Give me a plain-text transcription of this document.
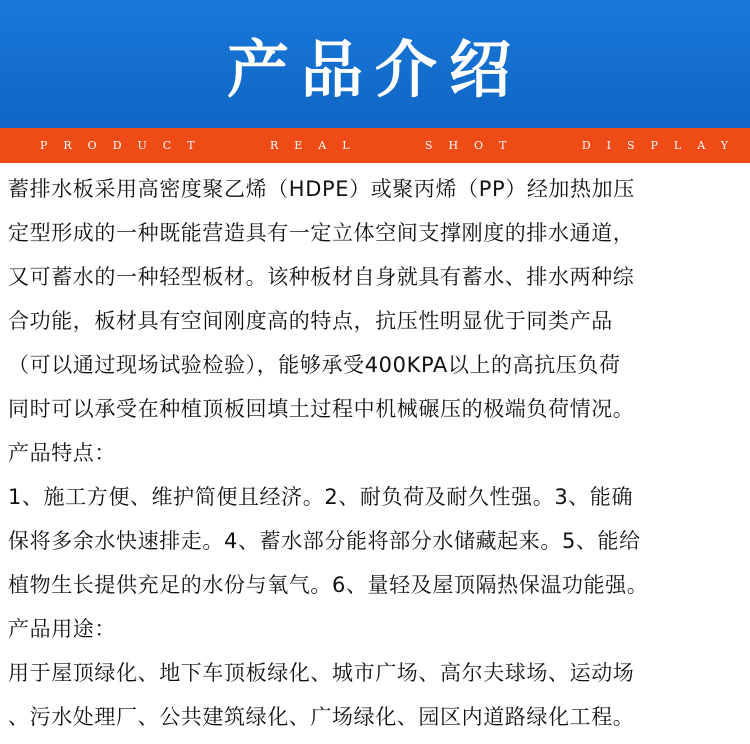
产品介绍
PRODUCT	REAL	SHOT	DISPLAY
蓄排水板采用高密度聚乙烯（HDPE）或聚丙烯（PP）经加热加压
定型形成的一种既能营造具有一定立体空间支撑刚度的排水通道，
又可蓄水的一种轻型板材。该种板材自身就具有蓄水、排水两种综
合功能，板材具有空间刚度高的特点，抗压性明显优于同类产品
（可以通过现场试验检验），能够承受400KPA以上的高抗压负荷
同时可以承受在种植顶板回填土过程中机械碾压的极端负荷情况。
产品特点：
1、施工方便、维护简便且经济。2、耐负荷及耐久性强。3、能确
保将多余水快速排走。4、蓄水部分能将部分水储藏起来。5、能给
植物生长提供充足的水份与氧气。6、量轻及屋顶隔热保温功能强。
产品用途：
用于屋顶绿化、地下车顶板绿化、城市广场、高尔夫球场、运动场
、污水处理厂、公共建筑绿化、广场绿化、园区内道路绿化工程。
